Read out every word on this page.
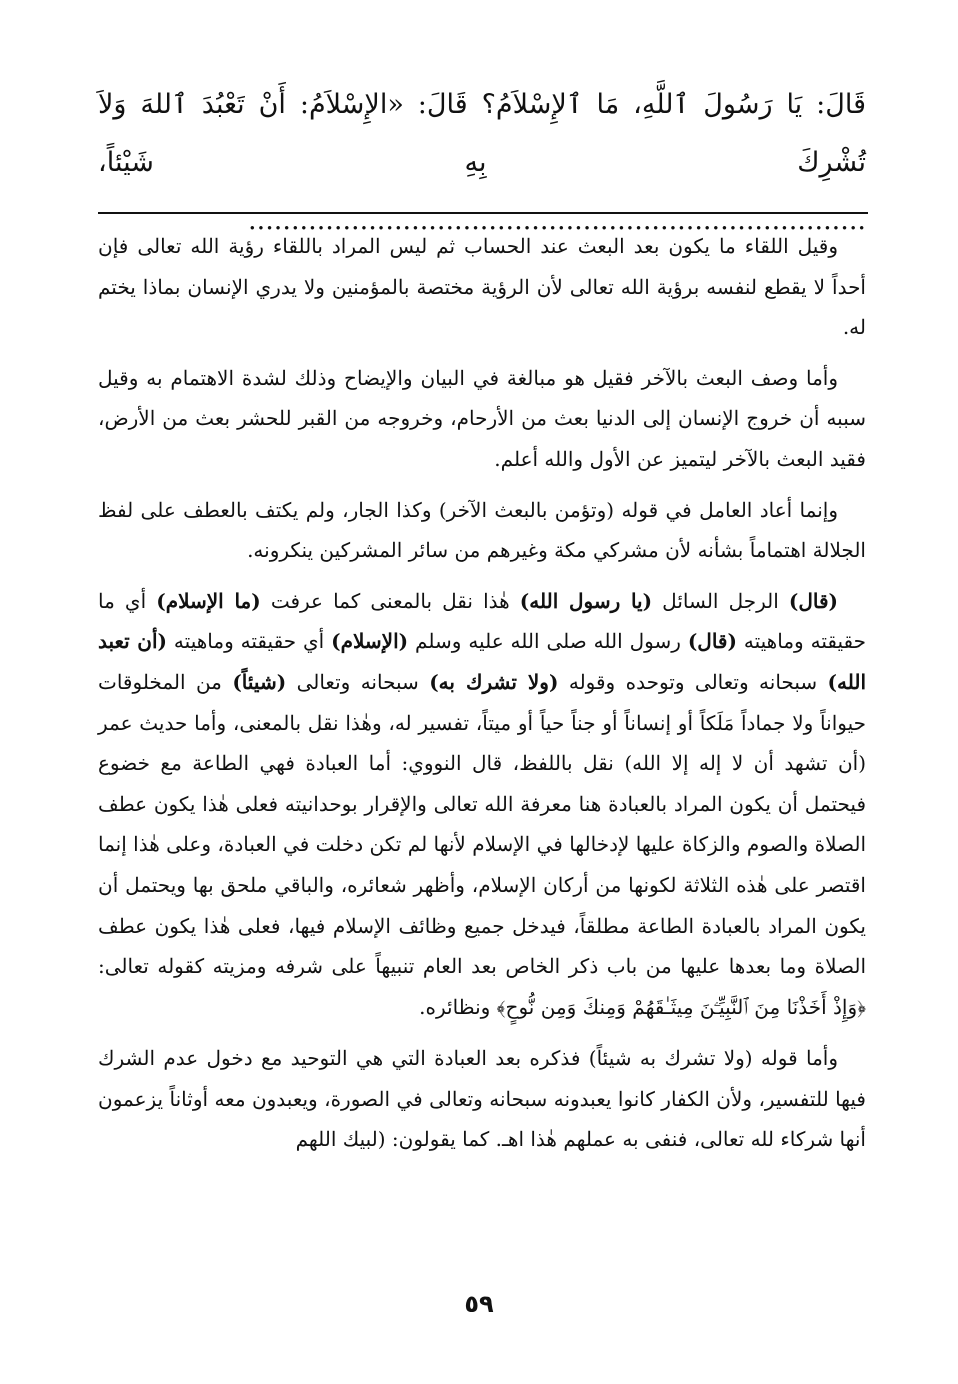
قَالَ: يَا رَسُولَ ٱللَّهِ، مَا ٱلإِسْلاَمُ؟ قَالَ: «الإِسْلاَمُ: أَنْ تَعْبُدَ ٱللهَ وَلاَ تُشْرِكَ بِهِ شَيْئاً، ........................................................................

وقيل اللقاء ما يكون بعد البعث عند الحساب ثم ليس المراد باللقاء رؤية الله تعالى فإن أحداً لا يقطع لنفسه برؤية الله تعالى لأن الرؤية مختصة بالمؤمنين ولا يدري الإنسان بماذا يختم له.

وأما وصف البعث بالآخر فقيل هو مبالغة في البيان والإيضاح وذلك لشدة الاهتمام به وقيل سببه أن خروج الإنسان إلى الدنيا بعث من الأرحام، وخروجه من القبر للحشر بعث من الأرض، فقيد البعث بالآخر ليتميز عن الأول والله أعلم.

وإنما أعاد العامل في قوله (وتؤمن بالبعث الآخر) وكذا الجار، ولم يكتف بالعطف على لفظ الجلالة اهتماماً بشأنه لأن مشركي مكة وغيرهم من سائر المشركين ينكرونه.

(قال) الرجل السائل (يا رسول الله) هٰذا نقل بالمعنى كما عرفت (ما الإسلام) أي ما حقيقته وماهيته (قال) رسول الله صلى الله عليه وسلم (الإسلام) أي حقيقته وماهيته (أن تعبد الله) سبحانه وتعالى وتوحده وقوله (ولا تشرك به) سبحانه وتعالى (شيئاً) من المخلوقات حيواناً ولا جماداً مَلَكاً أو إنساناً أو جناً حياً أو ميتاً، تفسير له، وهٰذا نقل بالمعنى، وأما حديث عمر (أن تشهد أن لا إله إلا الله) نقل باللفظ، قال النووي: أما العبادة فهي الطاعة مع خضوع فيحتمل أن يكون المراد بالعبادة هنا معرفة الله تعالى والإقرار بوحدانيته فعلى هٰذا يكون عطف الصلاة والصوم والزكاة عليها لإدخالها في الإسلام لأنها لم تكن دخلت في العبادة، وعلى هٰذا إنما اقتصر على هٰذه الثلاثة لكونها من أركان الإسلام، وأظهر شعائره، والباقي ملحق بها ويحتمل أن يكون المراد بالعبادة الطاعة مطلقاً، فيدخل جميع وظائف الإسلام فيها، فعلى هٰذا يكون عطف الصلاة وما بعدها عليها من باب ذكر الخاص بعد العام تنبيهاً على شرفه ومزيته كقوله تعالى: ﴿وَإِذْ أَخَذْنَا مِنَ ٱلنَّبِيِّـۧنَ مِيثَـٰقَهُمْ وَمِنكَ وَمِن نُّوحٍ﴾ ونظائره.

وأما قوله (ولا تشرك به شيئاً) فذكره بعد العبادة التي هي التوحيد مع دخول عدم الشرك فيها للتفسير، ولأن الكفار كانوا يعبدونه سبحانه وتعالى في الصورة، ويعبدون معه أوثاناً يزعمون أنها شركاء لله تعالى، فنفى به عملهم هٰذا اهـ. كما يقولون: (لبيك اللهم

٥٩
